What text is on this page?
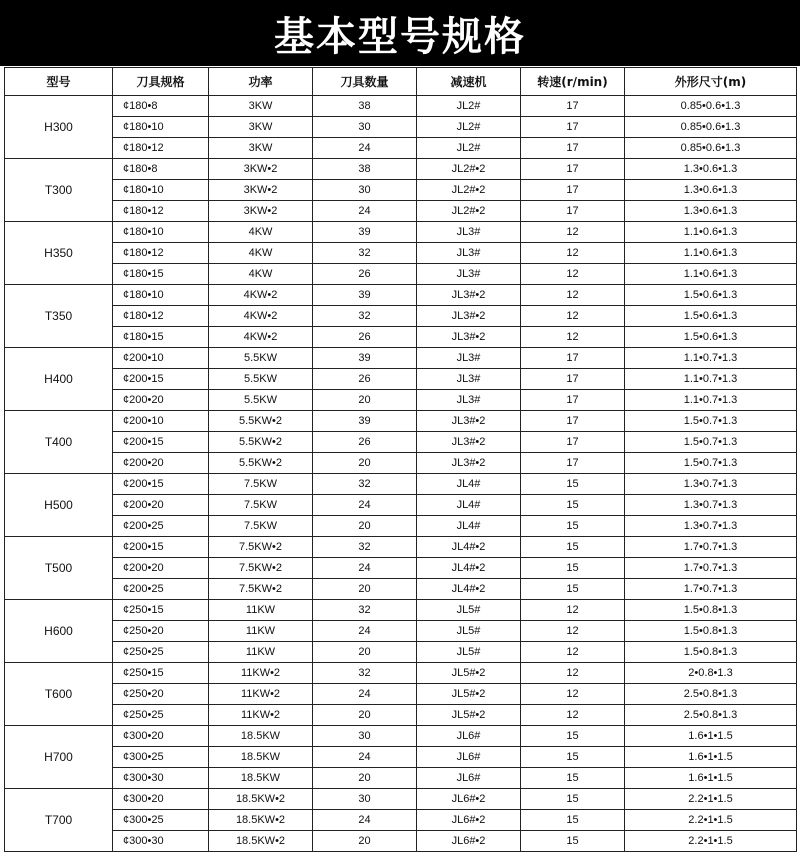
基本型号规格
型号	刀具规格	功率	刀具数量	减速机	转速(r/min)	外形尺寸(m)
H300	¢180•8	3KW	38	JL2#	17	0.85•0.6•1.3
	¢180•10	3KW	30	JL2#	17	0.85•0.6•1.3
	¢180•12	3KW	24	JL2#	17	0.85•0.6•1.3
T300	¢180•8	3KW•2	38	JL2#•2	17	1.3•0.6•1.3
	¢180•10	3KW•2	30	JL2#•2	17	1.3•0.6•1.3
	¢180•12	3KW•2	24	JL2#•2	17	1.3•0.6•1.3
H350	¢180•10	4KW	39	JL3#	12	1.1•0.6•1.3
	¢180•12	4KW	32	JL3#	12	1.1•0.6•1.3
	¢180•15	4KW	26	JL3#	12	1.1•0.6•1.3
T350	¢180•10	4KW•2	39	JL3#•2	12	1.5•0.6•1.3
	¢180•12	4KW•2	32	JL3#•2	12	1.5•0.6•1.3
	¢180•15	4KW•2	26	JL3#•2	12	1.5•0.6•1.3
H400	¢200•10	5.5KW	39	JL3#	17	1.1•0.7•1.3
	¢200•15	5.5KW	26	JL3#	17	1.1•0.7•1.3
	¢200•20	5.5KW	20	JL3#	17	1.1•0.7•1.3
T400	¢200•10	5.5KW•2	39	JL3#•2	17	1.5•0.7•1.3
	¢200•15	5.5KW•2	26	JL3#•2	17	1.5•0.7•1.3
	¢200•20	5.5KW•2	20	JL3#•2	17	1.5•0.7•1.3
H500	¢200•15	7.5KW	32	JL4#	15	1.3•0.7•1.3
	¢200•20	7.5KW	24	JL4#	15	1.3•0.7•1.3
	¢200•25	7.5KW	20	JL4#	15	1.3•0.7•1.3
T500	¢200•15	7.5KW•2	32	JL4#•2	15	1.7•0.7•1.3
	¢200•20	7.5KW•2	24	JL4#•2	15	1.7•0.7•1.3
	¢200•25	7.5KW•2	20	JL4#•2	15	1.7•0.7•1.3
H600	¢250•15	11KW	32	JL5#	12	1.5•0.8•1.3
	¢250•20	11KW	24	JL5#	12	1.5•0.8•1.3
	¢250•25	11KW	20	JL5#	12	1.5•0.8•1.3
T600	¢250•15	11KW•2	32	JL5#•2	12	2•0.8•1.3
	¢250•20	11KW•2	24	JL5#•2	12	2.5•0.8•1.3
	¢250•25	11KW•2	20	JL5#•2	12	2.5•0.8•1.3
H700	¢300•20	18.5KW	30	JL6#	15	1.6•1•1.5
	¢300•25	18.5KW	24	JL6#	15	1.6•1•1.5
	¢300•30	18.5KW	20	JL6#	15	1.6•1•1.5
T700	¢300•20	18.5KW•2	30	JL6#•2	15	2.2•1•1.5
	¢300•25	18.5KW•2	24	JL6#•2	15	2.2•1•1.5
	¢300•30	18.5KW•2	20	JL6#•2	15	2.2•1•1.5
